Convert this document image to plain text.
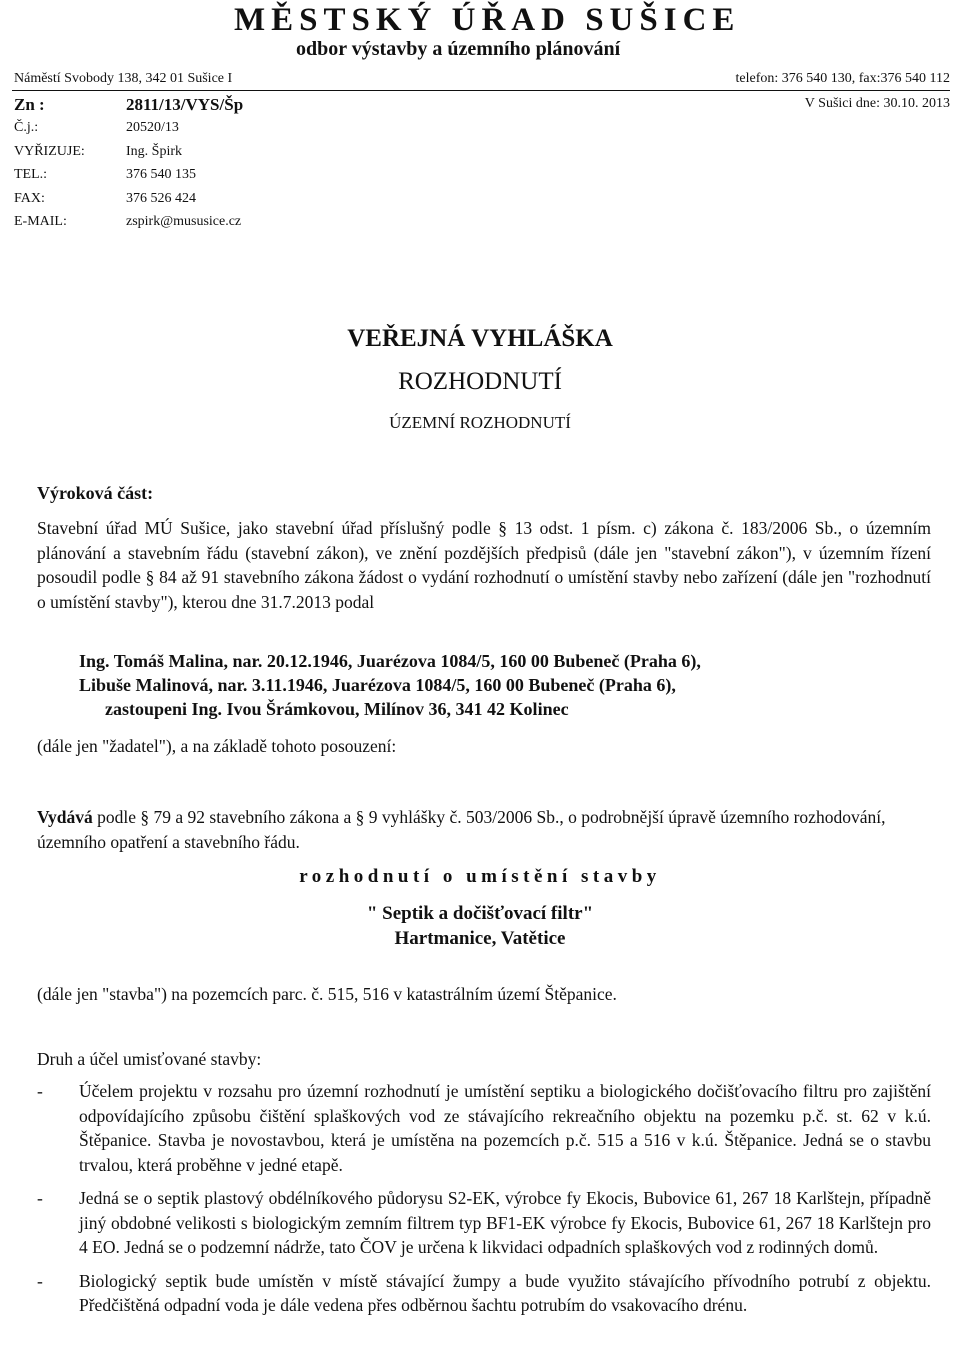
MĚSTSKÝ ÚŘAD SUŠICE
odbor výstavby a územního plánování
Náměstí Svobody 138, 342 01 Sušice I	telefon: 376 540 130, fax:376 540 112
V Sušici dne: 30.10. 2013
Zn :	2811/13/VYS/Šp
Č.j.:	20520/13
VYŘIZUJE:	Ing. Špirk
TEL.:	376 540 135
FAX:	376 526 424
E-MAIL:	zspirk@mususice.cz
VEŘEJNÁ VYHLÁŠKA
ROZHODNUTÍ
ÚZEMNÍ ROZHODNUTÍ
Výroková část:
Stavební úřad MÚ Sušice, jako stavební úřad příslušný podle § 13 odst. 1 písm. c) zákona č. 183/2006 Sb., o územním plánování a stavebním řádu (stavební zákon), ve znění pozdějších předpisů (dále jen "stavební zákon"), v územním řízení posoudil podle § 84 až 91 stavebního zákona žádost o vydání rozhodnutí o umístění stavby nebo zařízení (dále jen "rozhodnutí o umístění stavby"), kterou dne 31.7.2013 podal
Ing. Tomáš Malina, nar. 20.12.1946, Juarézova 1084/5, 160 00 Bubeneč (Praha 6),
Libuše Malinová, nar. 3.11.1946, Juarézova 1084/5, 160 00 Bubeneč (Praha 6),
zastoupeni Ing. Ivou Šrámkovou, Milínov 36, 341 42 Kolinec
(dále jen "žadatel"), a na základě tohoto posouzení:
Vydává podle § 79 a 92 stavebního zákona a § 9 vyhlášky č. 503/2006 Sb., o podrobnější úpravě územního rozhodování, územního opatření a stavebního řádu.
rozhodnutí o umístění stavby
" Septik a dočišťovací filtr"
Hartmanice, Vatětice
(dále jen "stavba") na pozemcích parc. č. 515, 516 v katastrálním území Štěpanice.
Druh a účel umisťované stavby:
-	Účelem projektu v rozsahu pro územní rozhodnutí je umístění septiku a biologického dočišťovacího filtru pro zajištění odpovídajícího způsobu čištění splaškových vod ze stávajícího rekreačního objektu na pozemku p.č. st. 62 v k.ú. Štěpanice. Stavba je novostavbou, která je umístěna na pozemcích p.č. 515 a 516 v k.ú. Štěpanice. Jedná se o stavbu trvalou, která proběhne v jedné etapě.
-	Jedná se o septik plastový obdélníkového půdorysu S2-EK, výrobce fy Ekocis, Bubovice 61, 267 18 Karlštejn, případně jiný obdobné velikosti s biologickým zemním filtrem typ BF1-EK výrobce fy Ekocis, Bubovice 61, 267 18 Karlštejn pro 4 EO. Jedná se o podzemní nádrže, tato ČOV je určena k likvidaci odpadních splaškových vod z rodinných domů.
-	Biologický septik bude umístěn v místě stávající žumpy a bude využito stávajícího přívodního potrubí z objektu. Předčištěná odpadní voda je dále vedena přes odběrnou šachtu potrubím do vsakovacího drénu.
